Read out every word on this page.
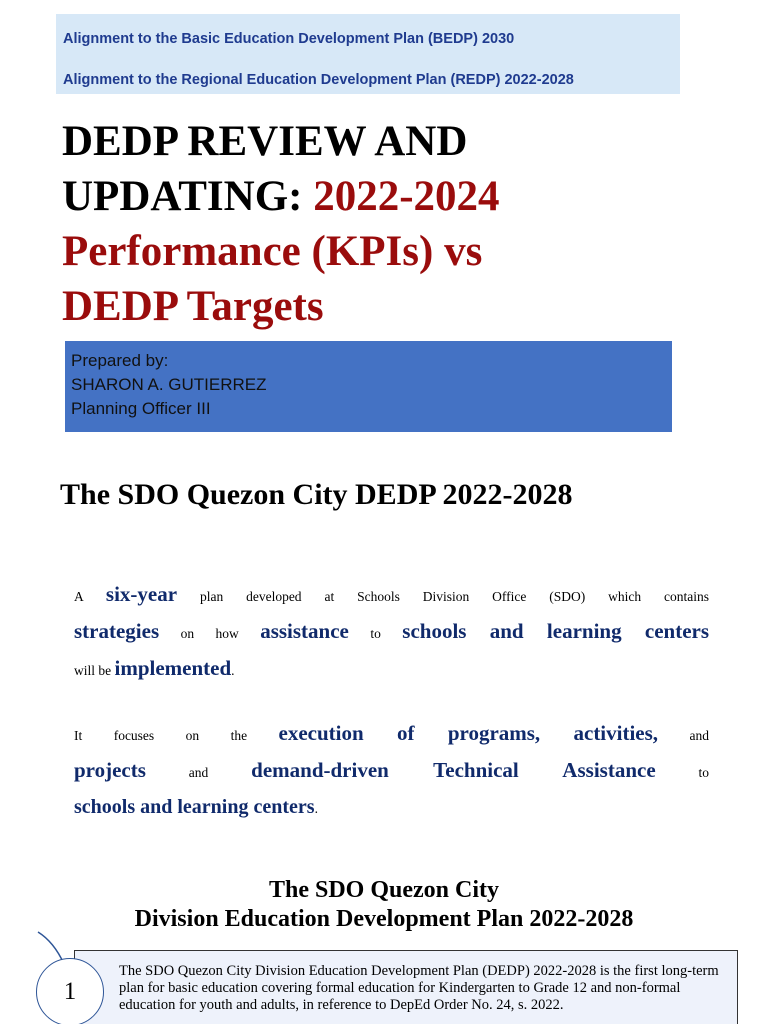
Alignment to the Basic Education Development Plan (BEDP) 2030
Alignment to the Regional Education Development Plan (REDP) 2022-2028
DEDP REVIEW AND
UPDATING: 2022-2024
Performance (KPIs) vs
DEDP Targets
Prepared by:
SHARON A. GUTIERREZ
Planning Officer III
The SDO Quezon City DEDP 2022-2028

A six-year plan developed at Schools Division Office (SDO) which contains
strategies on how assistance to schools and learning centers
will be implemented.

It focuses on the execution of programs, activities, and
projects	and demand-driven Technical Assistance	to
schools and learning centers.

The SDO Quezon City
Division Education Development Plan 2022-2028
The SDO Quezon City Division Education Development Plan (DEDP) 2022-2028 is the first long-term plan for basic education covering formal education for Kindergarten to Grade 12 and non-formal education for youth and adults, in reference to DepEd Order No. 24, s. 2022.
1
